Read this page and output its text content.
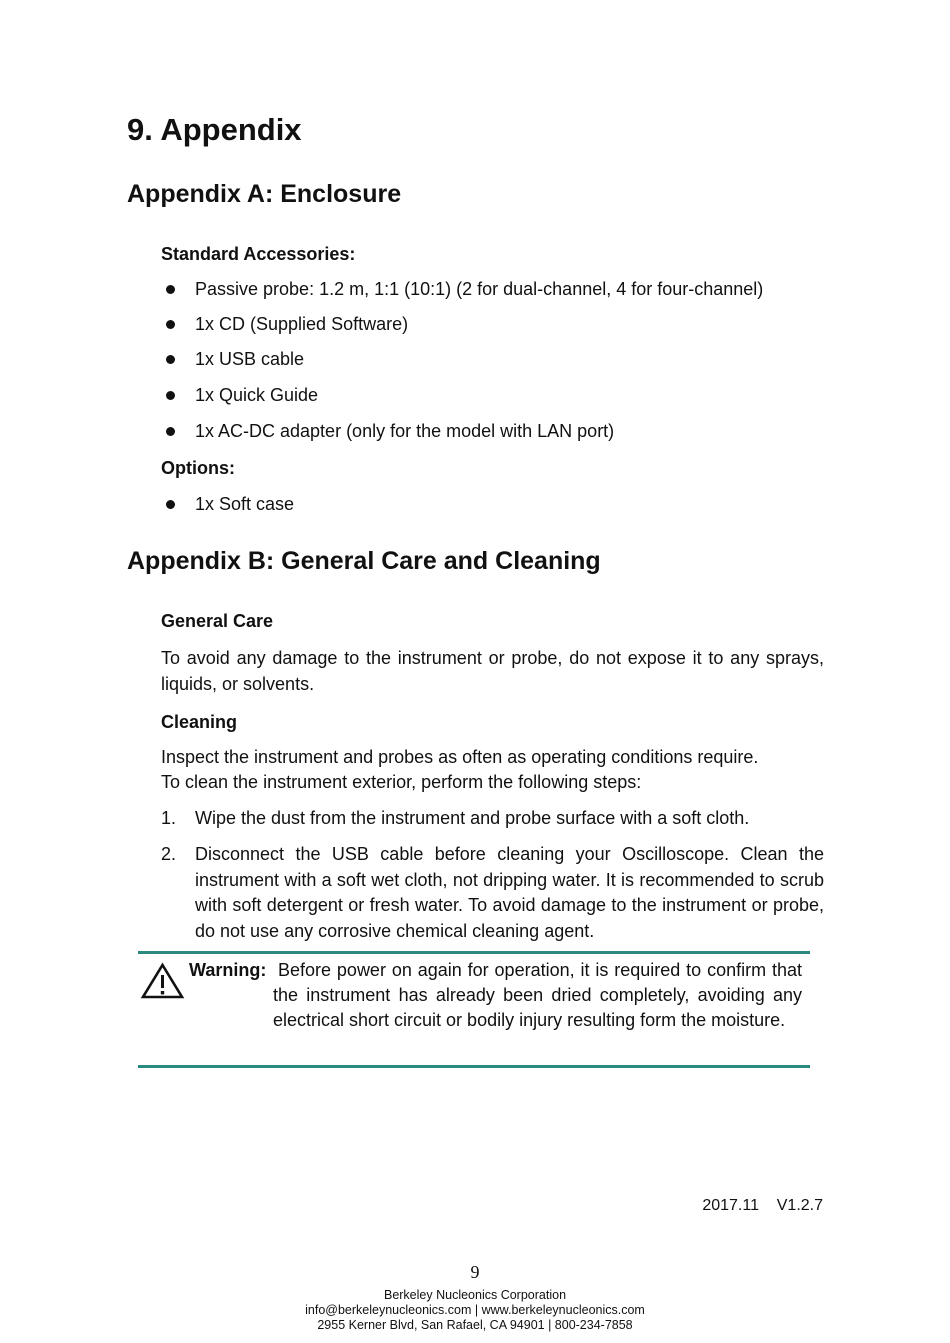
9. Appendix
Appendix A: Enclosure
Standard Accessories:
Passive probe: 1.2 m, 1:1 (10:1) (2 for dual-channel, 4 for four-channel)
1x CD (Supplied Software)
1x USB cable
1x Quick Guide
1x AC-DC adapter (only for the model with LAN port)
Options:
1x Soft case
Appendix B: General Care and Cleaning
General Care
To avoid any damage to the instrument or probe, do not expose it to any sprays, liquids, or solvents.
Cleaning
Inspect the instrument and probes as often as operating conditions require.
To clean the instrument exterior, perform the following steps:
1. Wipe the dust from the instrument and probe surface with a soft cloth.
2. Disconnect the USB cable before cleaning your Oscilloscope. Clean the instrument with a soft wet cloth, not dripping water. It is recommended to scrub with soft detergent or fresh water. To avoid damage to the instrument or probe, do not use any corrosive chemical cleaning agent.
Warning: Before power on again for operation, it is required to confirm that the instrument has already been dried completely, avoiding any electrical short circuit or bodily injury resulting form the moisture.
2017.11    V1.2.7
9
Berkeley Nucleonics Corporation
info@berkeleynucleonics.com | www.berkeleynucleonics.com
2955 Kerner Blvd, San Rafael, CA 94901 | 800-234-7858
